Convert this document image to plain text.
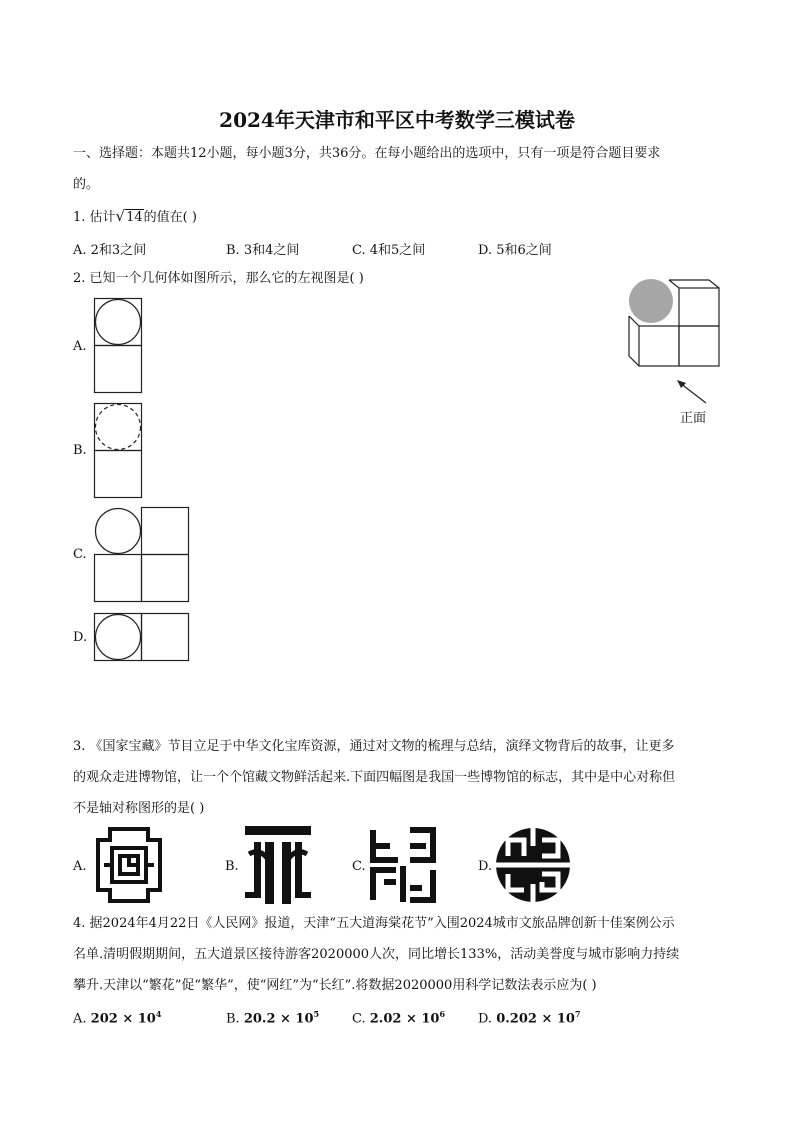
2024年天津市和平区中考数学三模试卷
一、选择题：本题共12小题，每小题3分，共36分。在每小题给出的选项中，只有一项是符合题目要求
的。
1. 估计√14的值在( )
A. 2和3之间	B. 3和4之间	C. 4和5之间	D. 5和6之间
2. 已知一个几何体如图所示，那么它的左视图是( )
正面
A.
B.
C.
D.
3. 《国家宝藏》节目立足于中华文化宝库资源，通过对文物的梳理与总结，演绎文物背后的故事，让更多
的观众走进博物馆，让一个个馆藏文物鲜活起来.下面四幅图是我国一些博物馆的标志，其中是中心对称但
不是轴对称图形的是( )
A.	B.	C.	D.
4. 据2024年4月22日《人民网》报道，天津“五大道海棠花节”入围2024城市文旅品牌创新十佳案例公示
名单.清明假期期间，五大道景区接待游客2020000人次，同比增长133%，活动美誉度与城市影响力持续
攀升.天津以“繁花”促“繁华”，使“网红”为“长红”.将数据2020000用科学记数法表示应为( )
A. $202 \times 10^4$	B. $20.2 \times 10^5$	C. $2.02 \times 10^6$	D. $0.202 \times 10^7$
